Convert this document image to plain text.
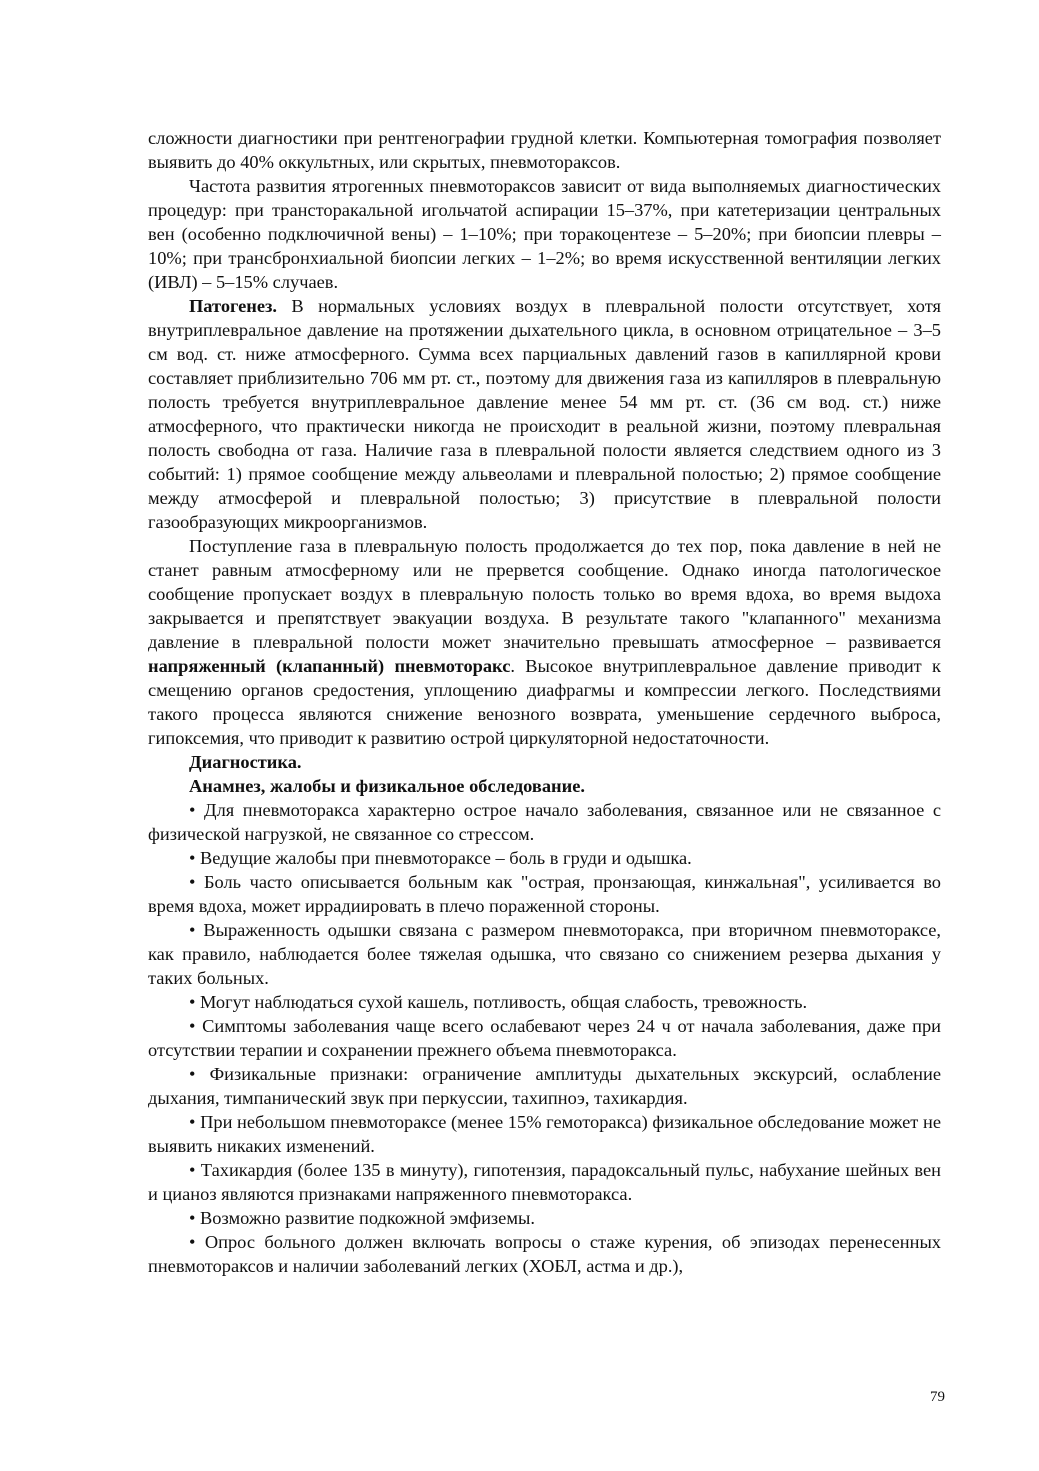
сложности диагностики при рентгенографии грудной клетки. Компьютерная томография позволяет выявить до 40% оккультных, или скрытых, пневмотораксов.

Частота развития ятрогенных пневмотораксов зависит от вида выполняемых диагностических процедур: при трансторакальной игольчатой аспирации 15–37%, при катетеризации центральных вен (особенно подключичной вены) – 1–10%; при торакоцентезе – 5–20%; при биопсии плевры – 10%; при трансбронхиальной биопсии легких – 1–2%; во время искусственной вентиляции легких (ИВЛ) – 5–15% случаев.

Патогенез. В нормальных условиях воздух в плевральной полости отсутствует, хотя внутриплевральное давление на протяжении дыхательного цикла, в основном отрицательное – 3–5 см вод. ст. ниже атмосферного. Сумма всех парциальных давлений газов в капиллярной крови составляет приблизительно 706 мм рт. ст., поэтому для движения газа из капилляров в плевральную полость требуется внутриплевральное давление менее 54 мм рт. ст. (36 см вод. ст.) ниже атмосферного, что практически никогда не происходит в реальной жизни, поэтому плевральная полость свободна от газа. Наличие газа в плевральной полости является следствием одного из 3 событий: 1) прямое сообщение между альвеолами и плевральной полостью; 2) прямое сообщение между атмосферой и плевральной полостью; 3) присутствие в плевральной полости газообразующих микроорганизмов.

Поступление газа в плевральную полость продолжается до тех пор, пока давление в ней не станет равным атмосферному или не прервется сообщение. Однако иногда патологическое сообщение пропускает воздух в плевральную полость только во время вдоха, во время выдоха закрывается и препятствует эвакуации воздуха. В результате такого "клапанного" механизма давление в плевральной полости может значительно превышать атмосферное – развивается напряженный (клапанный) пневмоторакс. Высокое внутриплевральное давление приводит к смещению органов средостения, уплощению диафрагмы и компрессии легкого. Последствиями такого процесса являются снижение венозного возврата, уменьшение сердечного выброса, гипоксемия, что приводит к развитию острой циркуляторной недостаточности.

Диагностика.

Анамнез, жалобы и физикальное обследование.

• Для пневмоторакса характерно острое начало заболевания, связанное или не связанное с физической нагрузкой, не связанное со стрессом.

• Ведущие жалобы при пневмотораксе – боль в груди и одышка.

• Боль часто описывается больным как "острая, пронзающая, кинжальная", усиливается во время вдоха, может иррадиировать в плечо пораженной стороны.

• Выраженность одышки связана с размером пневмоторакса, при вторичном пневмотораксе, как правило, наблюдается более тяжелая одышка, что связано со снижением резерва дыхания у таких больных.

• Могут наблюдаться сухой кашель, потливость, общая слабость, тревожность.

• Симптомы заболевания чаще всего ослабевают через 24 ч от начала заболевания, даже при отсутствии терапии и сохранении прежнего объема пневмоторакса.

• Физикальные признаки: ограничение амплитуды дыхательных экскурсий, ослабление дыхания, тимпанический звук при перкуссии, тахипноэ, тахикардия.

• При небольшом пневмотораксе (менее 15% гемоторакса) физикальное обследование может не выявить никаких изменений.

• Тахикардия (более 135 в минуту), гипотензия, парадоксальный пульс, набухание шейных вен и цианоз являются признаками напряженного пневмоторакса.

• Возможно развитие подкожной эмфиземы.

• Опрос больного должен включать вопросы о стаже курения, об эпизодах перенесенных пневмотораксов и наличии заболеваний легких (ХОБЛ, астма и др.),

79
